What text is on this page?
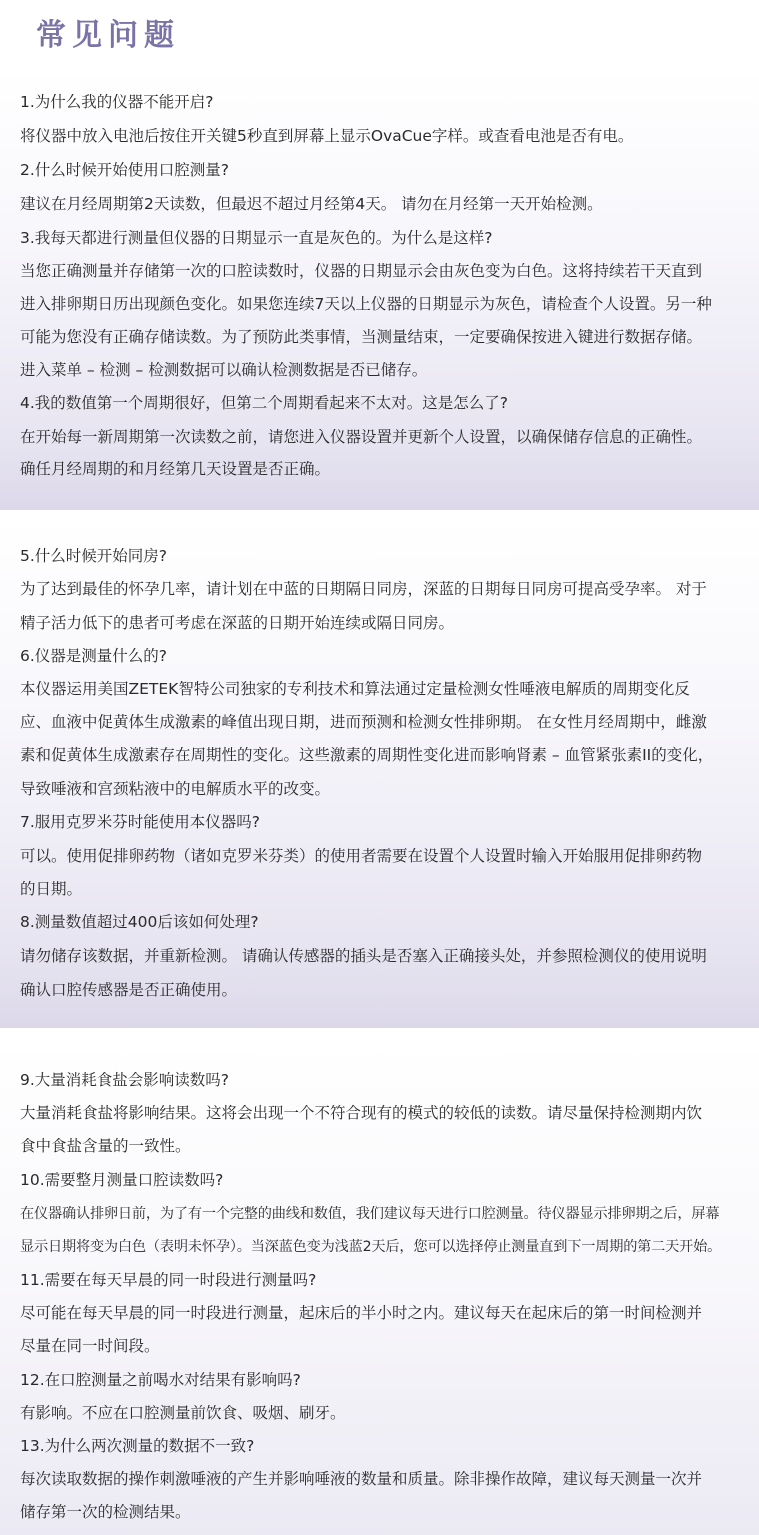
常见问题
1.为什么我的仪器不能开启?
将仪器中放入电池后按住开关键5秒直到屏幕上显示OvaCue字样。或查看电池是否有电。
2.什么时候开始使用口腔测量?
建议在月经周期第2天读数，但最迟不超过月经第4天。 请勿在月经第一天开始检测。
3.我每天都进行测量但仪器的日期显示一直是灰色的。为什么是这样?
当您正确测量并存储第一次的口腔读数时，仪器的日期显示会由灰色变为白色。这将持续若干天直到
进入排卵期日历出现颜色变化。如果您连续7天以上仪器的日期显示为灰色，请检查个人设置。另一种
可能为您没有正确存储读数。为了预防此类事情，当测量结束，一定要确保按进入键进行数据存储。
进入菜单 – 检测 – 检测数据可以确认检测数据是否已储存。
4.我的数值第一个周期很好，但第二个周期看起来不太对。这是怎么了?
在开始每一新周期第一次读数之前，请您进入仪器设置并更新个人设置，以确保储存信息的正确性。
确任月经周期的和月经第几天设置是否正确。
5.什么时候开始同房?
为了达到最佳的怀孕几率，请计划在中蓝的日期隔日同房，深蓝的日期每日同房可提高受孕率。 对于
精子活力低下的患者可考虑在深蓝的日期开始连续或隔日同房。
6.仪器是测量什么的?
本仪器运用美国ZETEK智特公司独家的专利技术和算法通过定量检测女性唾液电解质的周期变化反
应、血液中促黄体生成激素的峰值出现日期，进而预测和检测女性排卵期。 在女性月经周期中，雌激
素和促黄体生成激素存在周期性的变化。这些激素的周期性变化进而影响肾素 – 血管紧张素II的变化，
导致唾液和宫颈粘液中的电解质水平的改变。
7.服用克罗米芬时能使用本仪器吗?
可以。使用促排卵药物（诸如克罗米芬类）的使用者需要在设置个人设置时输入开始服用促排卵药物
的日期。
8.测量数值超过400后该如何处理?
请勿储存该数据，并重新检测。 请确认传感器的插头是否塞入正确接头处，并参照检测仪的使用说明
确认口腔传感器是否正确使用。
9.大量消耗食盐会影响读数吗?
大量消耗食盐将影响结果。这将会出现一个不符合现有的模式的较低的读数。请尽量保持检测期内饮
食中食盐含量的一致性。
10.需要整月测量口腔读数吗?
在仪器确认排卵日前，为了有一个完整的曲线和数值，我们建议每天进行口腔测量。待仪器显示排卵期之后，屏幕
显示日期将变为白色（表明未怀孕）。当深蓝色变为浅蓝2天后，您可以选择停止测量直到下一周期的第二天开始。
11.需要在每天早晨的同一时段进行测量吗?
尽可能在每天早晨的同一时段进行测量，起床后的半小时之内。建议每天在起床后的第一时间检测并
尽量在同一时间段。
12.在口腔测量之前喝水对结果有影响吗?
有影响。不应在口腔测量前饮食、吸烟、刷牙。
13.为什么两次测量的数据不一致?
每次读取数据的操作刺激唾液的产生并影响唾液的数量和质量。除非操作故障，建议每天测量一次并
储存第一次的检测结果。
